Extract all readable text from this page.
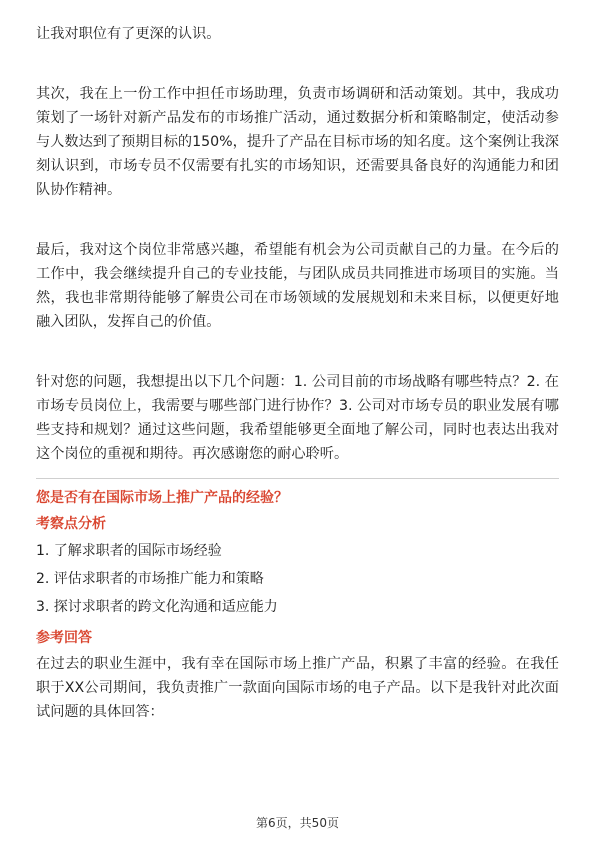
让我对职位有了更深的认识。

其次，我在上一份工作中担任市场助理，负责市场调研和活动策划。其中，我成功策划了一场针对新产品发布的市场推广活动，通过数据分析和策略制定，使活动参与人数达到了预期目标的150%，提升了产品在目标市场的知名度。这个案例让我深刻认识到，市场专员不仅需要有扎实的市场知识，还需要具备良好的沟通能力和团队协作精神。

最后，我对这个岗位非常感兴趣，希望能有机会为公司贡献自己的力量。在今后的工作中，我会继续提升自己的专业技能，与团队成员共同推进市场项目的实施。当然，我也非常期待能够了解贵公司在市场领域的发展规划和未来目标，以便更好地融入团队，发挥自己的价值。

针对您的问题，我想提出以下几个问题：1. 公司目前的市场战略有哪些特点？2. 在市场专员岗位上，我需要与哪些部门进行协作？3. 公司对市场专员的职业发展有哪些支持和规划？通过这些问题，我希望能够更全面地了解公司，同时也表达出我对这个岗位的重视和期待。再次感谢您的耐心聆听。

您是否有在国际市场上推广产品的经验？

考察点分析

1. 了解求职者的国际市场经验

2. 评估求职者的市场推广能力和策略

3. 探讨求职者的跨文化沟通和适应能力

参考回答

在过去的职业生涯中，我有幸在国际市场上推广产品，积累了丰富的经验。在我任职于XX公司期间，我负责推广一款面向国际市场的电子产品。以下是我针对此次面试问题的具体回答：

第6页，共50页
